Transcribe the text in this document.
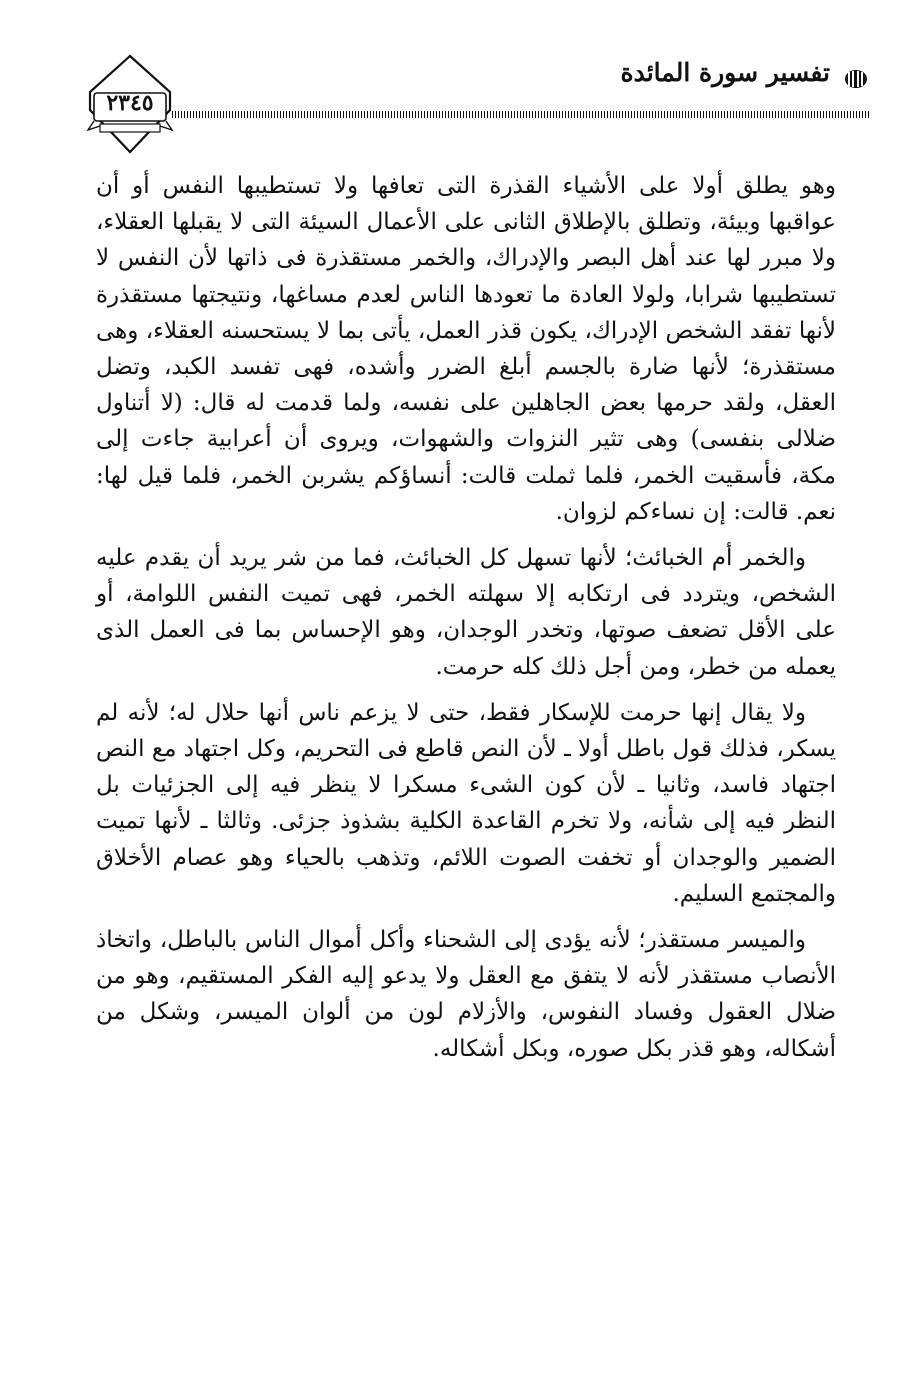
تفسير سورة المائدة
٢٣٤٥

وهو يطلق أولا على الأشياء القذرة التى تعافها ولا تستطيبها النفس أو أن عواقبها وبيئة، وتطلق بالإطلاق الثانى على الأعمال السيئة التى لا يقبلها العقلاء، ولا مبرر لها عند أهل البصر والإدراك، والخمر مستقذرة فى ذاتها لأن النفس لا تستطيبها شرابا، ولولا العادة ما تعودها الناس لعدم مساغها، ونتيجتها مستقذرة لأنها تفقد الشخص الإدراك، يكون قذر العمل، يأتى بما لا يستحسنه العقلاء، وهى مستقذرة؛ لأنها ضارة بالجسم أبلغ الضرر وأشده، فهى تفسد الكبد، وتضل العقل، ولقد حرمها بعض الجاهلين على نفسه، ولما قدمت له قال: (لا أتناول ضلالى بنفسى) وهى تثير النزوات والشهوات، ويروى أن أعرابية جاءت إلى مكة، فأسقيت الخمر، فلما ثملت قالت: أنساؤكم يشربن الخمر، فلما قيل لها: نعم. قالت: إن نساءكم لزوان.

والخمر أم الخبائث؛ لأنها تسهل كل الخبائث، فما من شر يريد أن يقدم عليه الشخص، ويتردد فى ارتكابه إلا سهلته الخمر، فهى تميت النفس اللوامة، أو على الأقل تضعف صوتها، وتخدر الوجدان، وهو الإحساس بما فى العمل الذى يعمله من خطر، ومن أجل ذلك كله حرمت.

ولا يقال إنها حرمت للإسكار فقط، حتى لا يزعم ناس أنها حلال له؛ لأنه لم يسكر، فذلك قول باطل أولا ـ لأن النص قاطع فى التحريم، وكل اجتهاد مع النص اجتهاد فاسد، وثانيا ـ لأن كون الشىء مسكرا لا ينظر فيه إلى الجزئيات بل النظر فيه إلى شأنه، ولا تخرم القاعدة الكلية بشذوذ جزئى. وثالثا ـ لأنها تميت الضمير والوجدان أو تخفت الصوت اللائم، وتذهب بالحياء وهو عصام الأخلاق والمجتمع السليم.

والميسر مستقذر؛ لأنه يؤدى إلى الشحناء وأكل أموال الناس بالباطل، واتخاذ الأنصاب مستقذر لأنه لا يتفق مع العقل ولا يدعو إليه الفكر المستقيم، وهو من ضلال العقول وفساد النفوس، والأزلام لون من ألوان الميسر، وشكل من أشكاله، وهو قذر بكل صوره، وبكل أشكاله.
